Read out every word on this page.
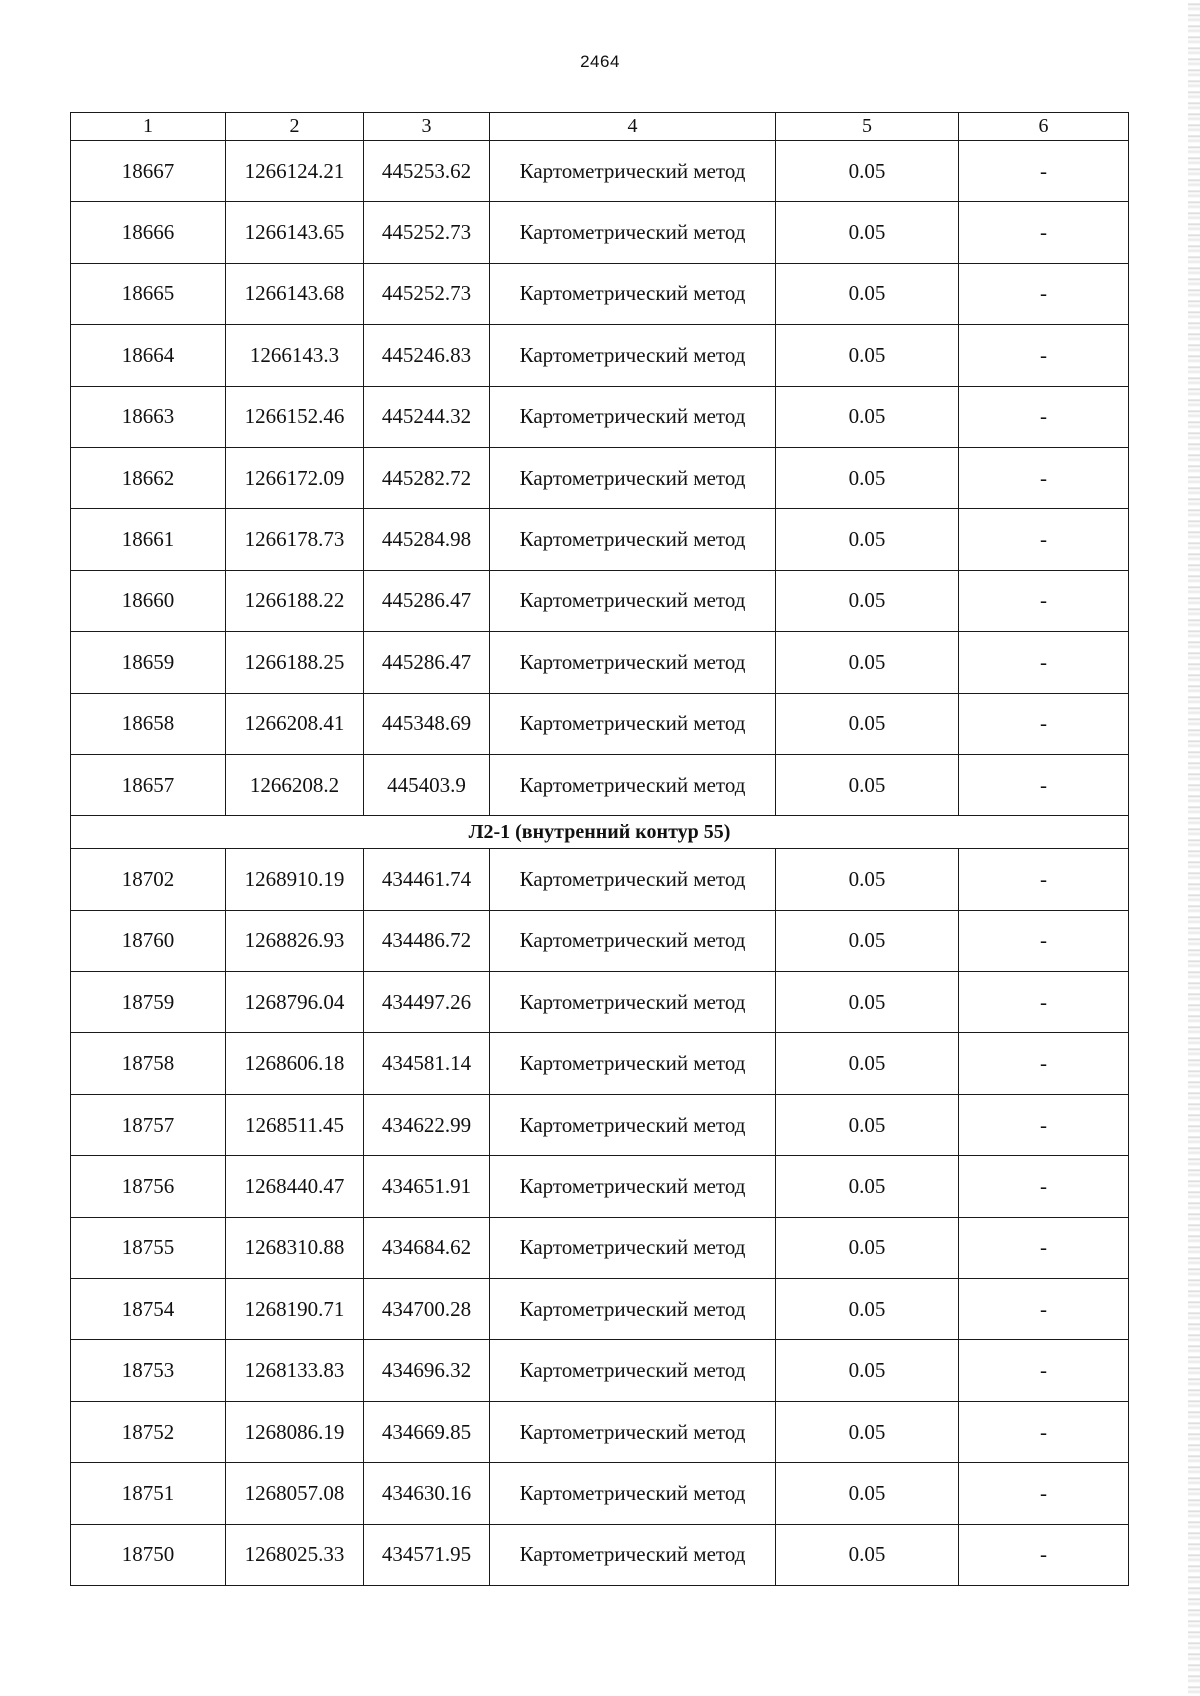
2464
1	2	3	4	5	6
18667	1266124.21	445253.62	Картометрический метод	0.05	-
18666	1266143.65	445252.73	Картометрический метод	0.05	-
18665	1266143.68	445252.73	Картометрический метод	0.05	-
18664	1266143.3	445246.83	Картометрический метод	0.05	-
18663	1266152.46	445244.32	Картометрический метод	0.05	-
18662	1266172.09	445282.72	Картометрический метод	0.05	-
18661	1266178.73	445284.98	Картометрический метод	0.05	-
18660	1266188.22	445286.47	Картометрический метод	0.05	-
18659	1266188.25	445286.47	Картометрический метод	0.05	-
18658	1266208.41	445348.69	Картометрический метод	0.05	-
18657	1266208.2	445403.9	Картометрический метод	0.05	-
Л2-1 (внутренний контур 55)					
18702	1268910.19	434461.74	Картометрический метод	0.05	-
18760	1268826.93	434486.72	Картометрический метод	0.05	-
18759	1268796.04	434497.26	Картометрический метод	0.05	-
18758	1268606.18	434581.14	Картометрический метод	0.05	-
18757	1268511.45	434622.99	Картометрический метод	0.05	-
18756	1268440.47	434651.91	Картометрический метод	0.05	-
18755	1268310.88	434684.62	Картометрический метод	0.05	-
18754	1268190.71	434700.28	Картометрический метод	0.05	-
18753	1268133.83	434696.32	Картометрический метод	0.05	-
18752	1268086.19	434669.85	Картометрический метод	0.05	-
18751	1268057.08	434630.16	Картометрический метод	0.05	-
18750	1268025.33	434571.95	Картометрический метод	0.05	-
